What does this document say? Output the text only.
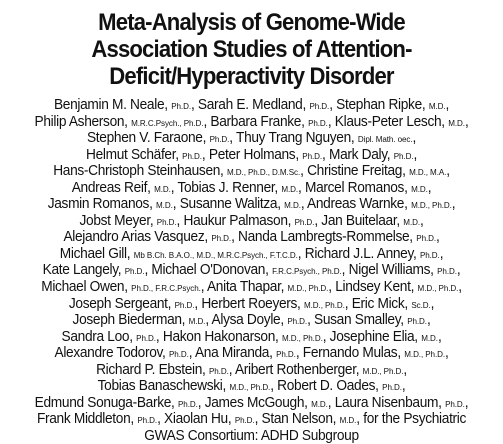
Meta-Analysis of Genome-Wide
Association Studies of Attention-
Deficit/Hyperactivity Disorder
Benjamin M. Neale, Ph.D., Sarah E. Medland, Ph.D., Stephan Ripke, M.D.,
Philip Asherson, M.R.C.Psych., Ph.D., Barbara Franke, Ph.D., Klaus-Peter Lesch, M.D.,
Stephen V. Faraone, Ph.D., Thuy Trang Nguyen, Dipl. Math. oec.,
Helmut Schäfer, Ph.D., Peter Holmans, Ph.D., Mark Daly, Ph.D.,
Hans-Christoph Steinhausen, M.D., Ph.D., D.M.Sc., Christine Freitag, M.D., M.A.,
Andreas Reif, M.D., Tobias J. Renner, M.D., Marcel Romanos, M.D.,
Jasmin Romanos, M.D., Susanne Walitza, M.D., Andreas Warnke, M.D., Ph.D.,
Jobst Meyer, Ph.D., Haukur Palmason, Ph.D., Jan Buitelaar, M.D.,
Alejandro Arias Vasquez, Ph.D., Nanda Lambregts-Rommelse, Ph.D.,
Michael Gill, Mb B.Ch. B.A.O., M.D., M.R.C.Psych., F.T.C.D., Richard J.L. Anney, Ph.D.,
Kate Langely, Ph.D., Michael O'Donovan, F.R.C.Psych., Ph.D., Nigel Williams, Ph.D.,
Michael Owen, Ph.D., F.R.C.Psych., Anita Thapar, M.D., Ph.D., Lindsey Kent, M.D., Ph.D.,
Joseph Sergeant, Ph.D., Herbert Roeyers, M.D., Ph.D., Eric Mick, Sc.D.,
Joseph Biederman, M.D., Alysa Doyle, Ph.D., Susan Smalley, Ph.D.,
Sandra Loo, Ph.D., Hakon Hakonarson, M.D., Ph.D., Josephine Elia, M.D.,
Alexandre Todorov, Ph.D., Ana Miranda, Ph.D., Fernando Mulas, M.D., Ph.D.,
Richard P. Ebstein, Ph.D., Aribert Rothenberger, M.D., Ph.D.,
Tobias Banaschewski, M.D., Ph.D., Robert D. Oades, Ph.D.,
Edmund Sonuga-Barke, Ph.D., James McGough, M.D., Laura Nisenbaum, Ph.D.,
Frank Middleton, Ph.D., Xiaolan Hu, Ph.D., Stan Nelson, M.D., for the Psychiatric
GWAS Consortium: ADHD Subgroup
